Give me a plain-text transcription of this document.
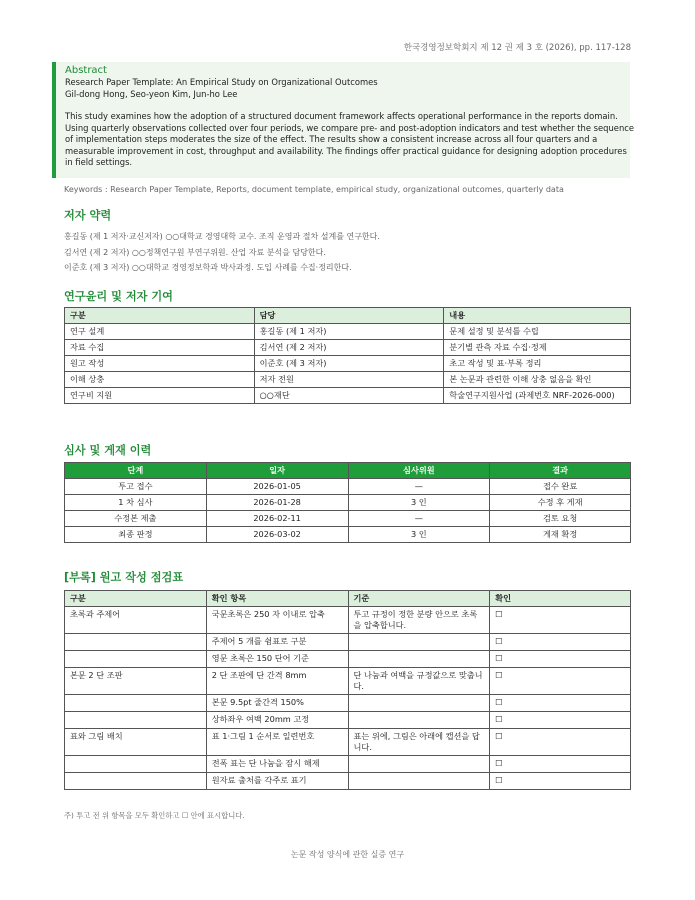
한국경영정보학회지 제 12 권 제 3 호 (2026), pp. 117-128
Abstract
Research Paper Template: An Empirical Study on Organizational Outcomes
Gil-dong Hong, Seo-yeon Kim, Jun-ho Lee
This study examines how the adoption of a structured document framework affects operational performance in the reports domain. Using quarterly observations collected over four periods, we compare pre- and post-adoption indicators and test whether the sequence of implementation steps moderates the size of the effect. The results show a consistent increase across all four quarters and a measurable improvement in cost, throughput and availability. The findings offer practical guidance for designing adoption procedures in field settings.
Keywords : Research Paper Template, Reports, document template, empirical study, organizational outcomes, quarterly data
저자 약력
홍길동 (제 1 저자·교신저자) ○○대학교 경영대학 교수. 조직 운영과 절차 설계를 연구한다.
김서연 (제 2 저자) ○○정책연구원 부연구위원. 산업 자료 분석을 담당한다.
이준호 (제 3 저자) ○○대학교 경영정보학과 박사과정. 도입 사례를 수집·정리한다.
연구윤리 및 저자 기여
구분	담당	내용
연구 설계	홍길동 (제 1 저자)	문제 설정 및 분석틀 수립
자료 수집	김서연 (제 2 저자)	분기별 관측 자료 수집·정제
원고 작성	이준호 (제 3 저자)	초고 작성 및 표·부록 정리
이해 상충	저자 전원	본 논문과 관련한 이해 상충 없음을 확인
연구비 지원	○○재단	학술연구지원사업 (과제번호 NRF-2026-000)
심사 및 게재 이력
단계	일자	심사위원	결과
투고 접수	2026-01-05	—	접수 완료
1 차 심사	2026-01-28	3 인	수정 후 게재
수정본 제출	2026-02-11	—	검토 요청
최종 판정	2026-03-02	3 인	게재 확정
[부록] 원고 작성 점검표
구분	확인 항목	기준	확인
초록과 주제어	국문초록은 250 자 이내로 압축	투고 규정이 정한 분량 안으로 초록을 압축합니다.	☐
	주제어 5 개를 쉼표로 구분		☐
	영문 초록은 150 단어 기준		☐
본문 2 단 조판	2 단 조판에 단 간격 8mm	단 나눔과 여백을 규정값으로 맞춥니다.	☐
	본문 9.5pt 줄간격 150%		☐
	상하좌우 여백 20mm 고정		☐
표와 그림 배치	표 1·그림 1 순서로 일련번호	표는 위에, 그림은 아래에 캡션을 답니다.	☐
	전폭 표는 단 나눔을 잠시 해제		☐
	원자료 출처를 각주로 표기		☐
주) 투고 전 위 항목을 모두 확인하고 ☐ 안에 표시합니다.
논문 작성 양식에 관한 실증 연구
